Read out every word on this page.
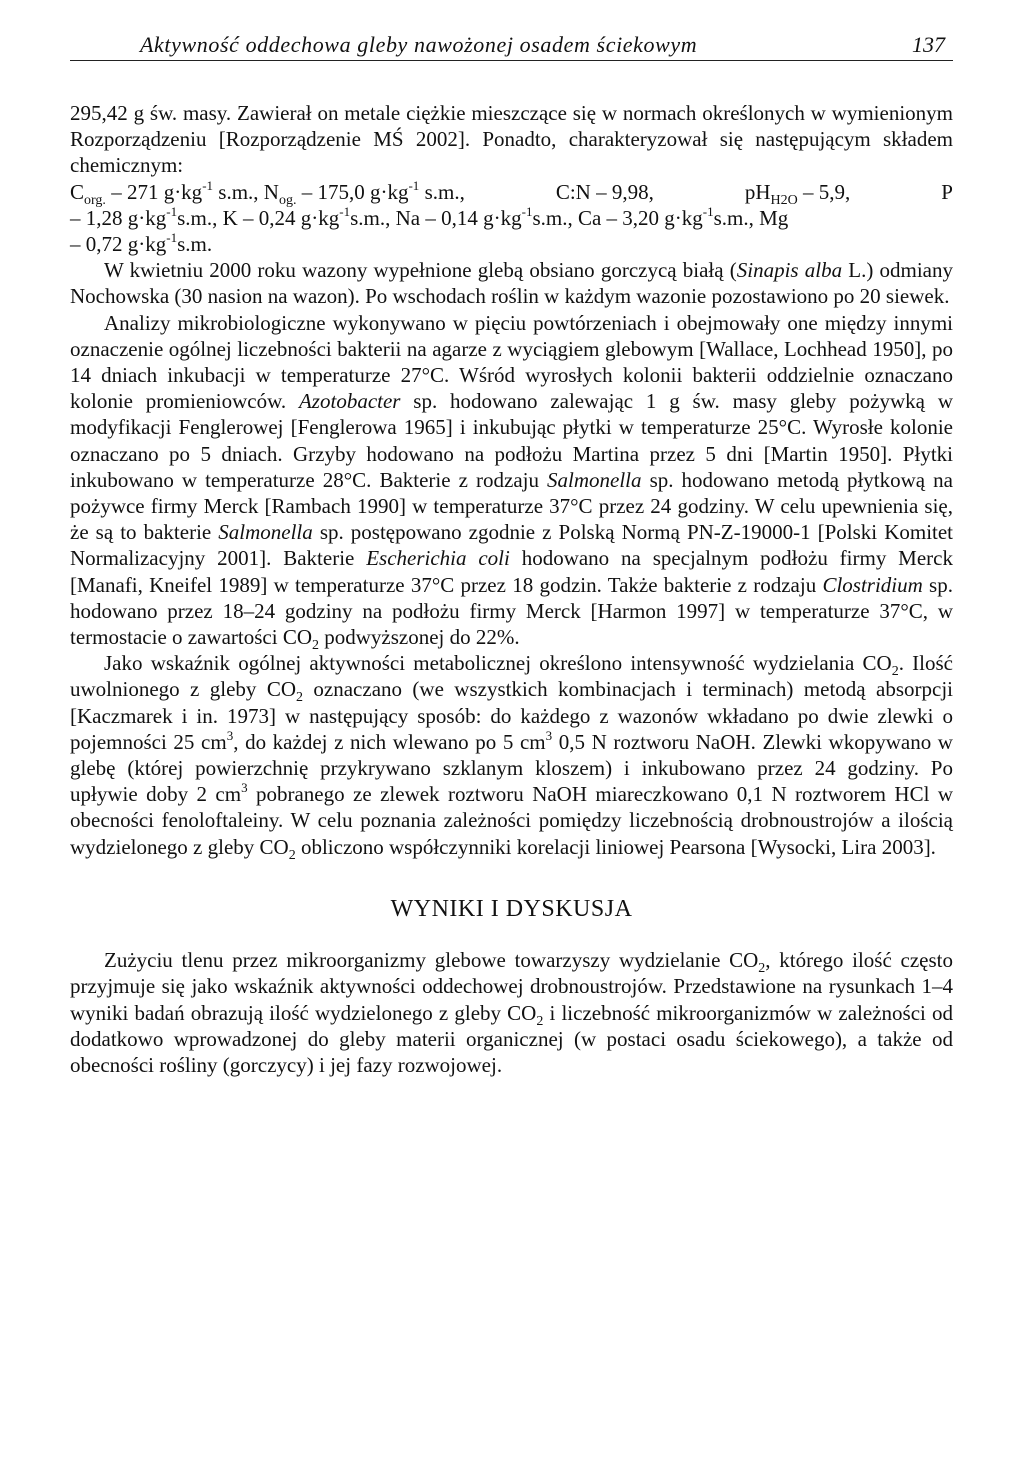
Aktywność oddechowa gleby nawożonej osadem ściekowym	137

295,42 g św. masy. Zawierał on metale ciężkie mieszczące się w normach określonych w wymienionym Rozporządzeniu [Rozporządzenie MŚ 2002]. Ponadto, charakteryzował się następującym składem chemicznym:

$C_{org.} - 271$ $g\cdot kg^{-1}$ s.m., $N_{og.} - 175,0$ $g\cdot kg^{-1}$ s.m.,	C:N – 9,98,	$pH_{H2O} - 5,9$,	P
– 1,28 $g\cdot kg^{-1}s.m$., K – 0,24 $g\cdot kg^{-1}s.m$., Na – 0,14 $g\cdot kg^{-1}s.m$., Ca – 3,20 $g\cdot kg^{-1}s.m$., Mg
– 0,72 $g\cdot kg^{-1}s.m$.

W kwietniu 2000 roku wazony wypełnione glebą obsiano gorczycą białą (Sinapis alba L.) odmiany Nochowska (30 nasion na wazon). Po wschodach roślin w każdym wazonie pozostawiono po 20 siewek.

Analizy mikrobiologiczne wykonywano w pięciu powtórzeniach i obejmowały one między innymi oznaczenie ogólnej liczebności bakterii na agarze z wyciągiem glebowym [Wallace, Lochhead 1950], po 14 dniach inkubacji w temperaturze 27°C. Wśród wyrosłych kolonii bakterii oddzielnie oznaczano kolonie promieniowców. Azotobacter sp. hodowano zalewając 1 g św. masy gleby pożywką w modyfikacji Fenglerowej [Fenglerowa 1965] i inkubując płytki w temperaturze 25°C. Wyrosłe kolonie oznaczano po 5 dniach. Grzyby hodowano na podłożu Martina przez 5 dni [Martin 1950]. Płytki inkubowano w temperaturze 28°C. Bakterie z rodzaju Salmonella sp. hodowano metodą płytkową na pożywce firmy Merck [Rambach 1990] w temperaturze 37°C przez 24 godziny. W celu upewnienia się, że są to bakterie Salmonella sp. postępowano zgodnie z Polską Normą PN-Z-19000-1 [Polski Komitet Normalizacyjny 2001]. Bakterie Escherichia coli hodowano na specjalnym podłożu firmy Merck [Manafi, Kneifel 1989] w temperaturze 37°C przez 18 godzin. Także bakterie z rodzaju Clostridium sp. hodowano przez 18–24 godziny na podłożu firmy Merck [Harmon 1997] w temperaturze 37°C, w termostacie o zawartości $CO_2$ podwyższonej do 22%.

Jako wskaźnik ogólnej aktywności metabolicznej określono intensywność wydzielania $CO_2$. Ilość uwolnionego z gleby $CO_2$ oznaczano (we wszystkich kombinacjach i terminach) metodą absorpcji [Kaczmarek i in. 1973] w następujący sposób: do każdego z wazonów wkładano po dwie zlewki o pojemności 25 $cm^3$, do każdej z nich wlewano po 5 $cm^3$ 0,5 N roztworu NaOH. Zlewki wkopywano w glebę (której powierzchnię przykrywano szklanym kloszem) i inkubowano przez 24 godziny. Po upływie doby 2 $cm^3$ pobranego ze zlewek roztworu NaOH miareczkowano 0,1 N roztworem HCl w obecności fenoloftaleiny. W celu poznania zależności pomiędzy liczebnością drobnoustrojów a ilością wydzielonego z gleby $CO_2$ obliczono współczynniki korelacji liniowej Pearsona [Wysocki, Lira 2003].

WYNIKI I DYSKUSJA

Zużyciu tlenu przez mikroorganizmy glebowe towarzyszy wydzielanie $CO_2$, którego ilość często przyjmuje się jako wskaźnik aktywności oddechowej drobnoustrojów. Przedstawione na rysunkach 1–4 wyniki badań obrazują ilość wydzielonego z gleby $CO_2$ i liczebność mikroorganizmów w zależności od dodatkowo wprowadzonej do gleby materii organicznej (w postaci osadu ściekowego), a także od obecności rośliny (gorczycy) i jej fazy rozwojowej.
